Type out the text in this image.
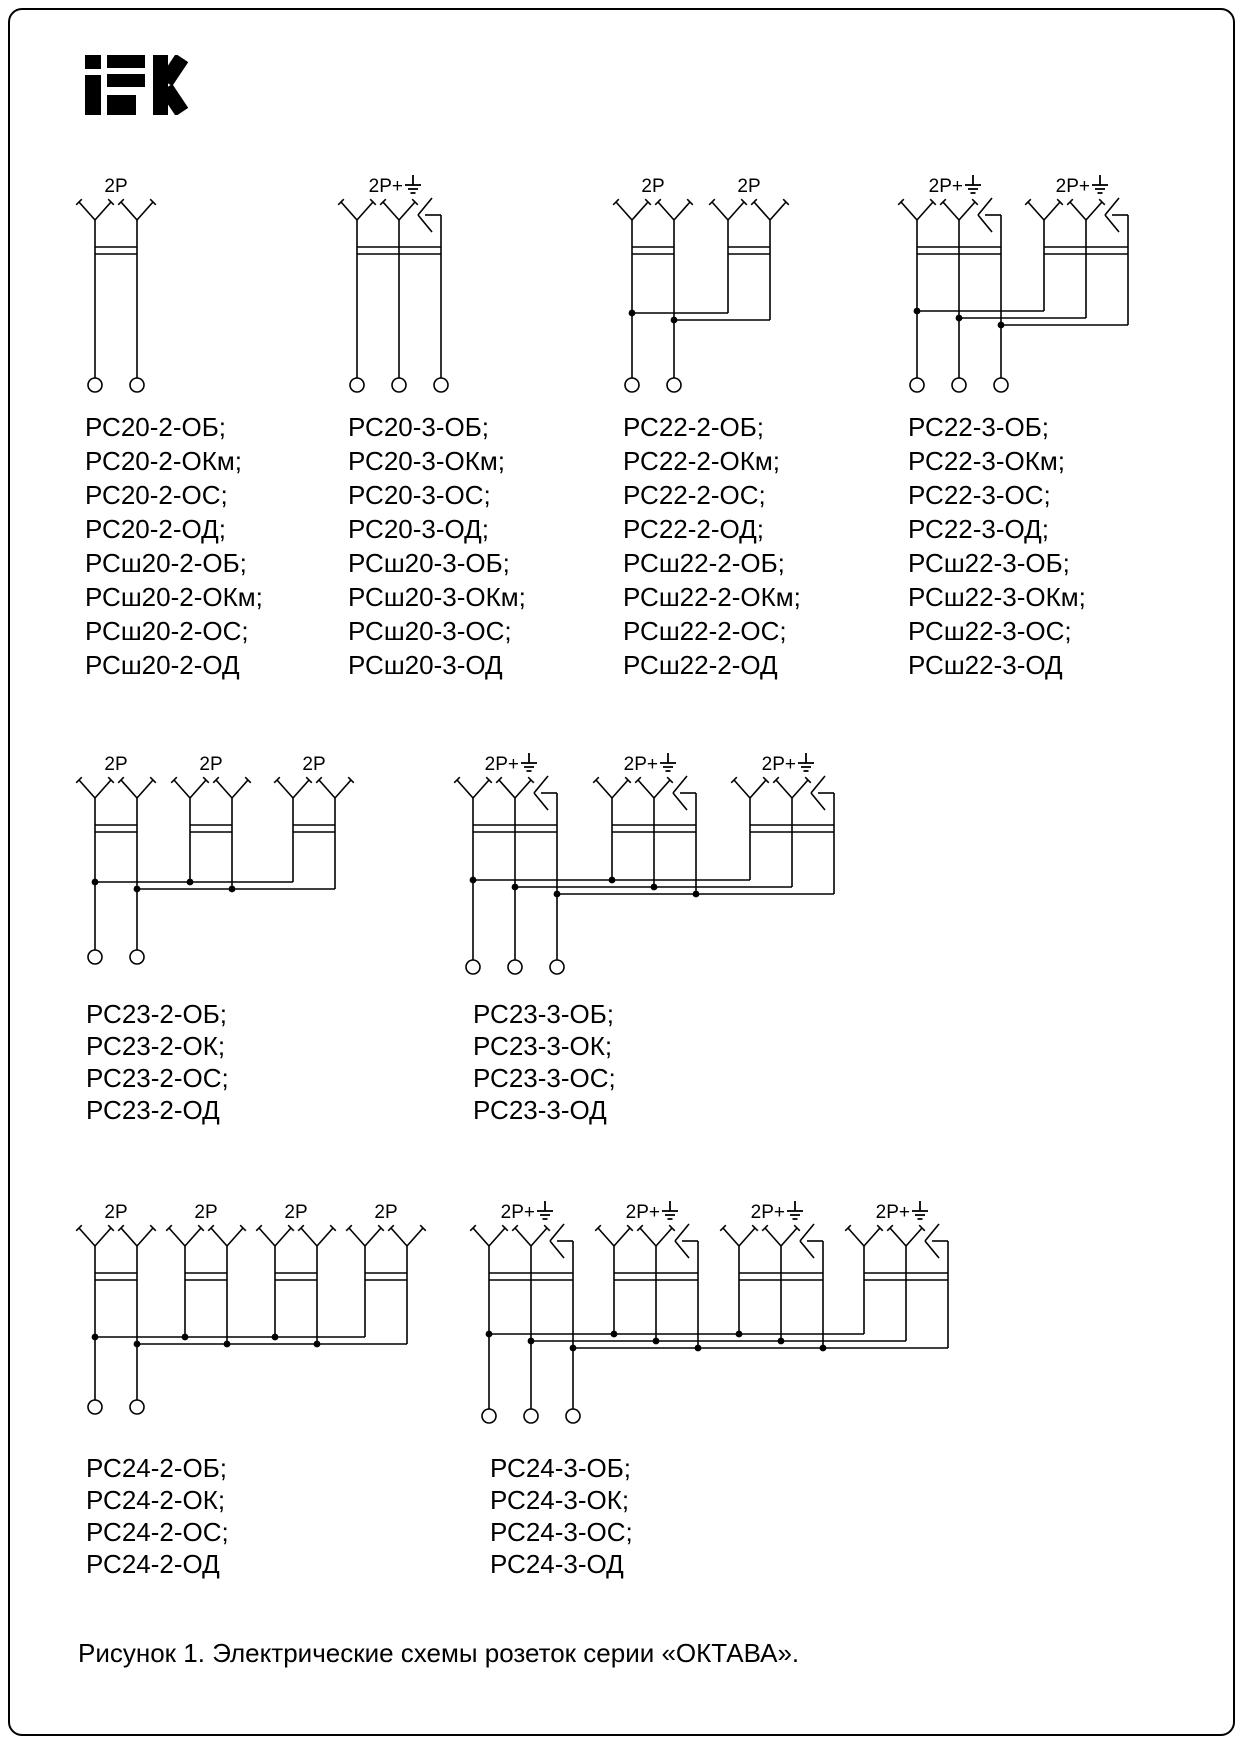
2P	2P+	2P	2P	2P+	2P+
2P	2P	2P	2P+	2P+	2P+
2P	2P	2P	2P	2P+	2P+	2P+	2P+
РС20-2-ОБ;
РС20-2-ОКм;
РС20-2-ОС;
РС20-2-ОД;
РСш20-2-ОБ;
РСш20-2-ОКм;
РСш20-2-ОС;
РСш20-2-ОД
РС20-3-ОБ;
РС20-3-ОКм;
РС20-3-ОС;
РС20-3-ОД;
РСш20-3-ОБ;
РСш20-3-ОКм;
РСш20-3-ОС;
РСш20-3-ОД
РС22-2-ОБ;
РС22-2-ОКм;
РС22-2-ОС;
РС22-2-ОД;
РСш22-2-ОБ;
РСш22-2-ОКм;
РСш22-2-ОС;
РСш22-2-ОД
РС22-3-ОБ;
РС22-3-ОКм;
РС22-3-ОС;
РС22-3-ОД;
РСш22-3-ОБ;
РСш22-3-ОКм;
РСш22-3-ОС;
РСш22-3-ОД
РС23-2-ОБ;
РС23-2-ОК;
РС23-2-ОС;
РС23-2-ОД
РС23-3-ОБ;
РС23-3-ОК;
РС23-3-ОС;
РС23-3-ОД
РС24-2-ОБ;
РС24-2-ОК;
РС24-2-ОС;
РС24-2-ОД
РС24-3-ОБ;
РС24-3-ОК;
РС24-3-ОС;
РС24-3-ОД
Рисунок 1. Электрические схемы розеток серии «ОКТАВА».
